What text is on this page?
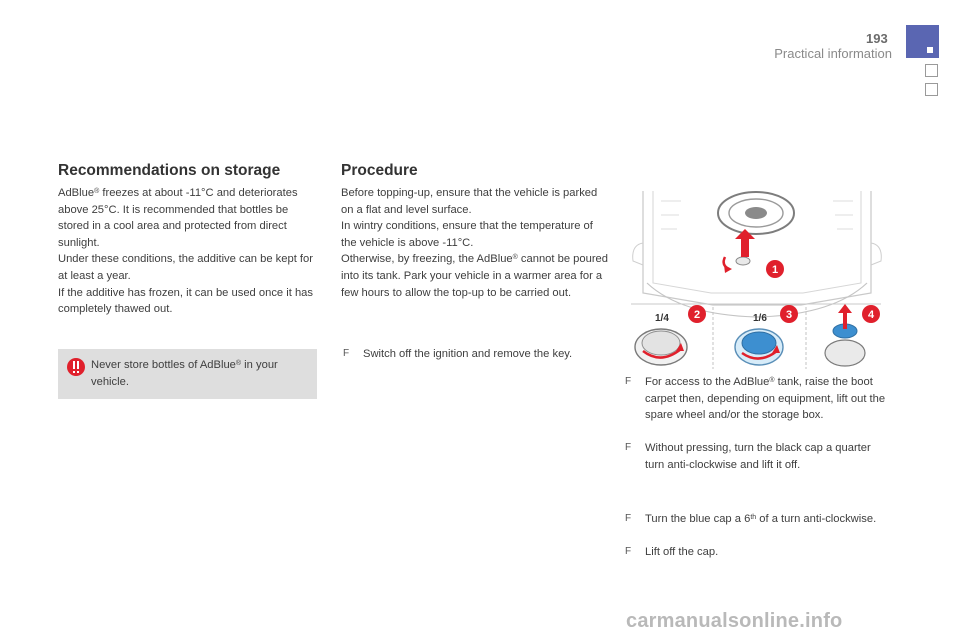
193
Practical information
Recommendations on storage

AdBlue® freezes at about -11°C and deteriorates above 25°C. It is recommended that bottles be stored in a cool area and protected from direct sunlight.

Under these conditions, the additive can be kept for at least a year.

If the additive has frozen, it can be used once it has completely thawed out.

Never store bottles of AdBlue® in your vehicle.
Procedure

Before topping-up, ensure that the vehicle is parked on a flat and level surface.

In wintry conditions, ensure that the temperature of the vehicle is above -11°C.

Otherwise, by freezing, the AdBlue® cannot be poured into its tank. Park your vehicle in a warmer area for a few hours to allow the top-up to be carried out.

F Switch off the ignition and remove the key.
1/4	1/6
1
2	3	4
F For access to the AdBlue® tank, raise the boot carpet then, depending on equipment, lift out the spare wheel and/or the storage box.
F Without pressing, turn the black cap a quarter turn anti-clockwise and lift it off.
F Turn the blue cap a 6th of a turn anti-clockwise.
F Lift off the cap.
carmanualsonline.info
